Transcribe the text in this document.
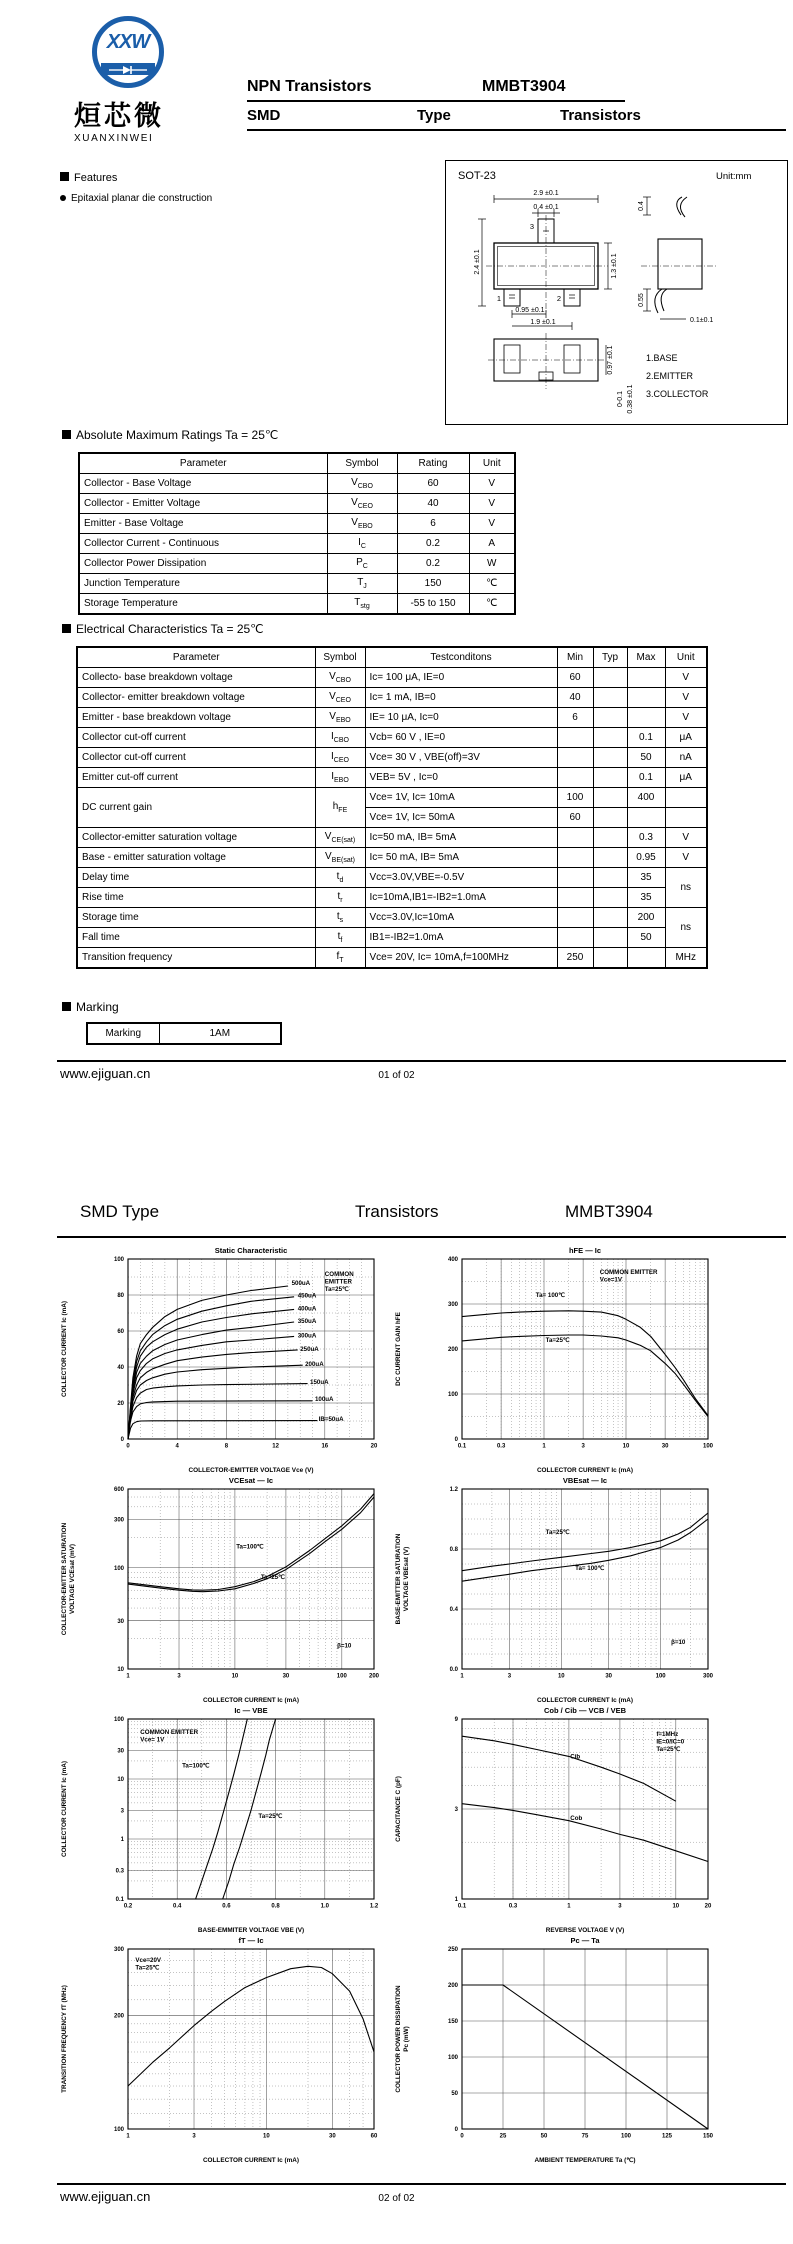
XXW
烜芯微
XUANXINWEI
NPN Transistors	MMBT3904
SMD	Type	Transistors
Features
Epitaxial planar die construction
SOT-23	Unit:mm
2.9 ±0.1
0.4 ±0.1
3
1	2
2.4 ±0.1	1.3 ±0.1
0.95 ±0.1
1.9 ±0.1
0.4
0.55
0.1±0.1
0.97 ±0.1
0-0.1 0.38 ±0.1
1.BASE
2.EMITTER
3.COLLECTOR
Absolute Maximum Ratings Ta = 25℃
Parameter	Symbol	Rating	Unit
Collector - Base Voltage	$V_{CBO}$	60	V
Collector - Emitter Voltage	$V_{CEO}$	40	V
Emitter - Base Voltage	$V_{EBO}$	6	V
Collector Current - Continuous	$I_C$	0.2	A
Collector Power Dissipation	$P_C$	0.2	W
Junction Temperature	$T_J$	150	℃
Storage Temperature	$T_{stg}$	-55 to 150	℃
Electrical Characteristics Ta = 25℃
Parameter	Symbol	Testconditons	Min	Typ	Max	Unit
Collecto- base breakdown voltage	$V_{CBO}$	Ic= 100 μA, IE=0	60			V
Collector- emitter breakdown voltage	$V_{CEO}$	Ic= 1 mA, IB=0	40			V
Emitter - base breakdown voltage	$V_{EBO}$	IE= 10 μA, Ic=0	6			V
Collector cut-off current	$I_{CBO}$	Vcb= 60 V , IE=0			0.1	μA
Collector cut-off current	$I_{CEO}$	Vce= 30 V , VBE(off)=3V			50	nA
Emitter cut-off current	$I_{EBO}$	VEB= 5V , Ic=0			0.1	μA
DC current gain	$h_{FE}$	Vce= 1V, Ic= 10mA	100		400	
		Vce= 1V, Ic= 50mA	60			
Collector-emitter saturation voltage	$V_{CE(sat)}$	Ic=50 mA, IB= 5mA			0.3	V
Base - emitter saturation voltage	$V_{BE(sat)}$	Ic= 50 mA, IB= 5mA			0.95	V
Delay time	$t_d$	Vcc=3.0V,VBE=-0.5V			35	ns
Rise time	$t_r$	Ic=10mA,IB1=-IB2=1.0mA			35	
Storage time	$t_s$	Vcc=3.0V,Ic=10mA			200	ns
Fall time	$t_f$	IB1=-IB2=1.0mA			50	
Transition frequency	$f_T$	Vce= 20V, Ic= 10mA,f=100MHz	250			MHz
Marking
Marking	1AM
www.ejiguan.cn	01 of 02
SMD Type	Transistors	MMBT3904
0	4	8	12	16	20
0
20
40
60
80
100
500uA
450uA
400uA
350uA
300uA
250uA
200uA
150uA
100uA
IB=50uA
COMMON
EMITTER
Ta=25℃
Static Characteristic
COLLECTOR-EMITTER VOLTAGE Vce (V)
COLLECTOR CURRENT Ic (mA)
0.1	0.3	1	3	10	30	100
0
100
200
300
400
Ta= 100℃
Ta=25℃
COMMON EMITTER
Vce=1V
hFE — Ic
COLLECTOR CURRENT Ic (mA)
DC CURRENT GAIN hFE
1	3	10	30	100	200
10
30
100
300
600
Ta=100℃
Ta=25℃
β=10
VCEsat — Ic
COLLECTOR CURRENT Ic (mA)
COLLECTOR-EMITTER SATURATION VOLTAGE VCEsat (mV)
1	3	10	30	100	300
0.0
0.4
0.8
1.2
Ta=25℃
Ta= 100℃
β=10
VBEsat — Ic
COLLECTOR CURRENT Ic (mA)
BASE-EMITTER SATURATION VOLTAGE VBEsat (V)
0.2	0.4	0.6	0.8	1.0	1.2
0.1
0.3
1
3
10
30
100
Ta=100℃
Ta=25℃
COMMON EMITTER
Vce= 1V
Ic — VBE
BASE-EMMITER VOLTAGE VBE (V)
COLLECTOR CURRENT Ic (mA)
0.1	0.3	1	3	10	20
1
3
9
Cib
Cob
f=1MHz
IE=0/IC=0
Ta=25℃
Cob / Cib — VCB / VEB
REVERSE VOLTAGE V (V)
CAPACITANCE C (pF)
1	3	10	30	60
100
200
300
Vce=20V
Ta=25℃
fT — Ic
COLLECTOR CURRENT Ic (mA)
TRANSITION FREQUENCY fT (MHz)
0	25	50	75	100	125	150
0
50
100
150
200
250
Pc — Ta
AMBIENT TEMPERATURE Ta (℃)
COLLECTOR POWER DISSIPATION Pc (mW)
www.ejiguan.cn	02 of 02
